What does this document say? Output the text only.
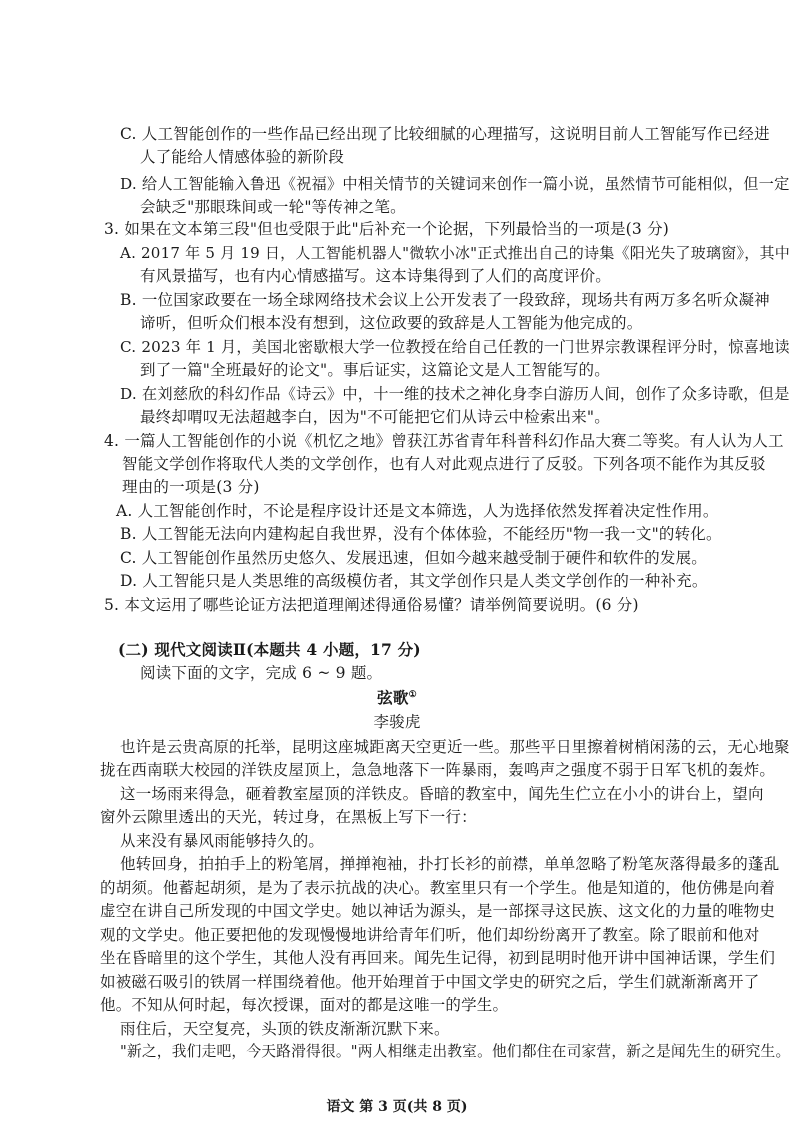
C. 人工智能创作的一些作品已经出现了比较细腻的心理描写，这说明目前人工智能写作已经进
人了能给人情感体验的新阶段
D. 给人工智能输入鲁迅《祝福》中相关情节的关键词来创作一篇小说，虽然情节可能相似，但一定
会缺乏"那眼珠间或一轮"等传神之笔。
3. 如果在文本第三段"但也受限于此"后补充一个论据，下列最恰当的一项是(3 分)
A. 2017 年 5 月 19 日，人工智能机器人"微软小冰"正式推出自己的诗集《阳光失了玻璃窗》，其中
有风景描写，也有内心情感描写。这本诗集得到了人们的高度评价。
B. 一位国家政要在一场全球网络技术会议上公开发表了一段致辞，现场共有两万多名听众凝神
谛听，但听众们根本没有想到，这位政要的致辞是人工智能为他完成的。
C. 2023 年 1 月，美国北密歇根大学一位教授在给自己任教的一门世界宗教课程评分时，惊喜地读
到了一篇"全班最好的论文"。事后证实，这篇论文是人工智能写的。
D. 在刘慈欣的科幻作品《诗云》中，十一维的技术之神化身李白游历人间，创作了众多诗歌，但是
最终却喟叹无法超越李白，因为"不可能把它们从诗云中检索出来"。
4. 一篇人工智能创作的小说《机忆之地》曾获江苏省青年科普科幻作品大赛二等奖。有人认为人工
智能文学创作将取代人类的文学创作，也有人对此观点进行了反驳。下列各项不能作为其反驳
理由的一项是(3 分)
A. 人工智能创作时，不论是程序设计还是文本筛选，人为选择依然发挥着决定性作用。
B. 人工智能无法向内建构起自我世界，没有个体体验，不能经历"物一我一文"的转化。
C. 人工智能创作虽然历史悠久、发展迅速，但如今越来越受制于硬件和软件的发展。
D. 人工智能只是人类思维的高级模仿者，其文学创作只是人类文学创作的一种补充。
5. 本文运用了哪些论证方法把道理阐述得通俗易懂？请举例简要说明。(6 分)
(二) 现代文阅读Ⅱ(本题共 4 小题，17 分)
阅读下面的文字，完成 6 ~ 9 题。
弦歌①
李骏虎
也许是云贵高原的托举，昆明这座城距离天空更近一些。那些平日里擦着树梢闲荡的云，无心地聚
拢在西南联大校园的洋铁皮屋顶上，急急地落下一阵暴雨，轰鸣声之强度不弱于日军飞机的轰炸。
这一场雨来得急，砸着教室屋顶的洋铁皮。昏暗的教室中，闻先生伫立在小小的讲台上，望向
窗外云隙里透出的天光，转过身，在黑板上写下一行：
从来没有暴风雨能够持久的。
他转回身，拍拍手上的粉笔屑，掸掸袍袖，扑打长衫的前襟，单单忽略了粉笔灰落得最多的蓬乱
的胡须。他蓄起胡须，是为了表示抗战的决心。教室里只有一个学生。他是知道的，他仿佛是向着
虚空在讲自己所发现的中国文学史。她以神话为源头，是一部探寻这民族、这文化的力量的唯物史
观的文学史。他正要把他的发现慢慢地讲给青年们听，他们却纷纷离开了教室。除了眼前和他对
坐在昏暗里的这个学生，其他人没有再回来。闻先生记得，初到昆明时他开讲中国神话课，学生们
如被磁石吸引的铁屑一样围绕着他。他开始理首于中国文学史的研究之后，学生们就渐渐离开了
他。不知从何时起，每次授课，面对的都是这唯一的学生。
雨住后，天空复亮，头顶的铁皮渐渐沉默下来。
"新之，我们走吧，今天路滑得很。"两人相继走出教室。他们都住在司家营，新之是闻先生的研究生。
语文 第 3 页(共 8 页)
